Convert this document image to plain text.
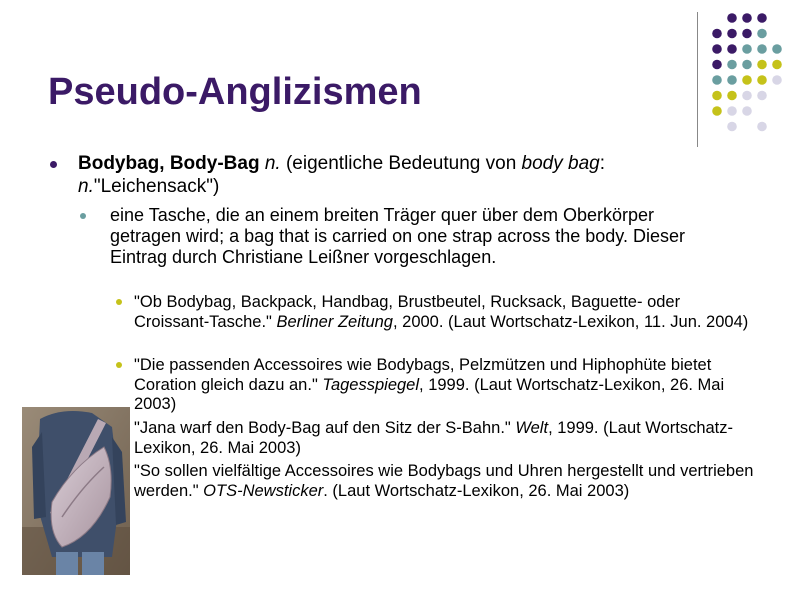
Pseudo-Anglizismen
Bodybag, Body-Bag n. (eigentliche Bedeutung von body bag:
n."Leichensack")
eine Tasche, die an einem breiten Träger quer über dem Oberkörper getragen wird; a bag that is carried on one strap across the body. Dieser Eintrag durch Christiane Leißner vorgeschlagen.
"Ob Bodybag, Backpack, Handbag, Brustbeutel, Rucksack, Baguette- oder Croissant-Tasche." Berliner Zeitung, 2000. (Laut Wortschatz-Lexikon, 11. Jun. 2004)
"Die passenden Accessoires wie Bodybags, Pelzmützen und Hiphophüte bietet Coration gleich dazu an." Tagesspiegel, 1999. (Laut Wortschatz-Lexikon, 26. Mai 2003)
"Jana warf den Body-Bag auf den Sitz der S-Bahn." Welt, 1999. (Laut Wortschatz-Lexikon, 26. Mai 2003)
"So sollen vielfältige Accessoires wie Bodybags und Uhren hergestellt und vertrieben werden." OTS-Newsticker. (Laut Wortschatz-Lexikon, 26. Mai 2003)
